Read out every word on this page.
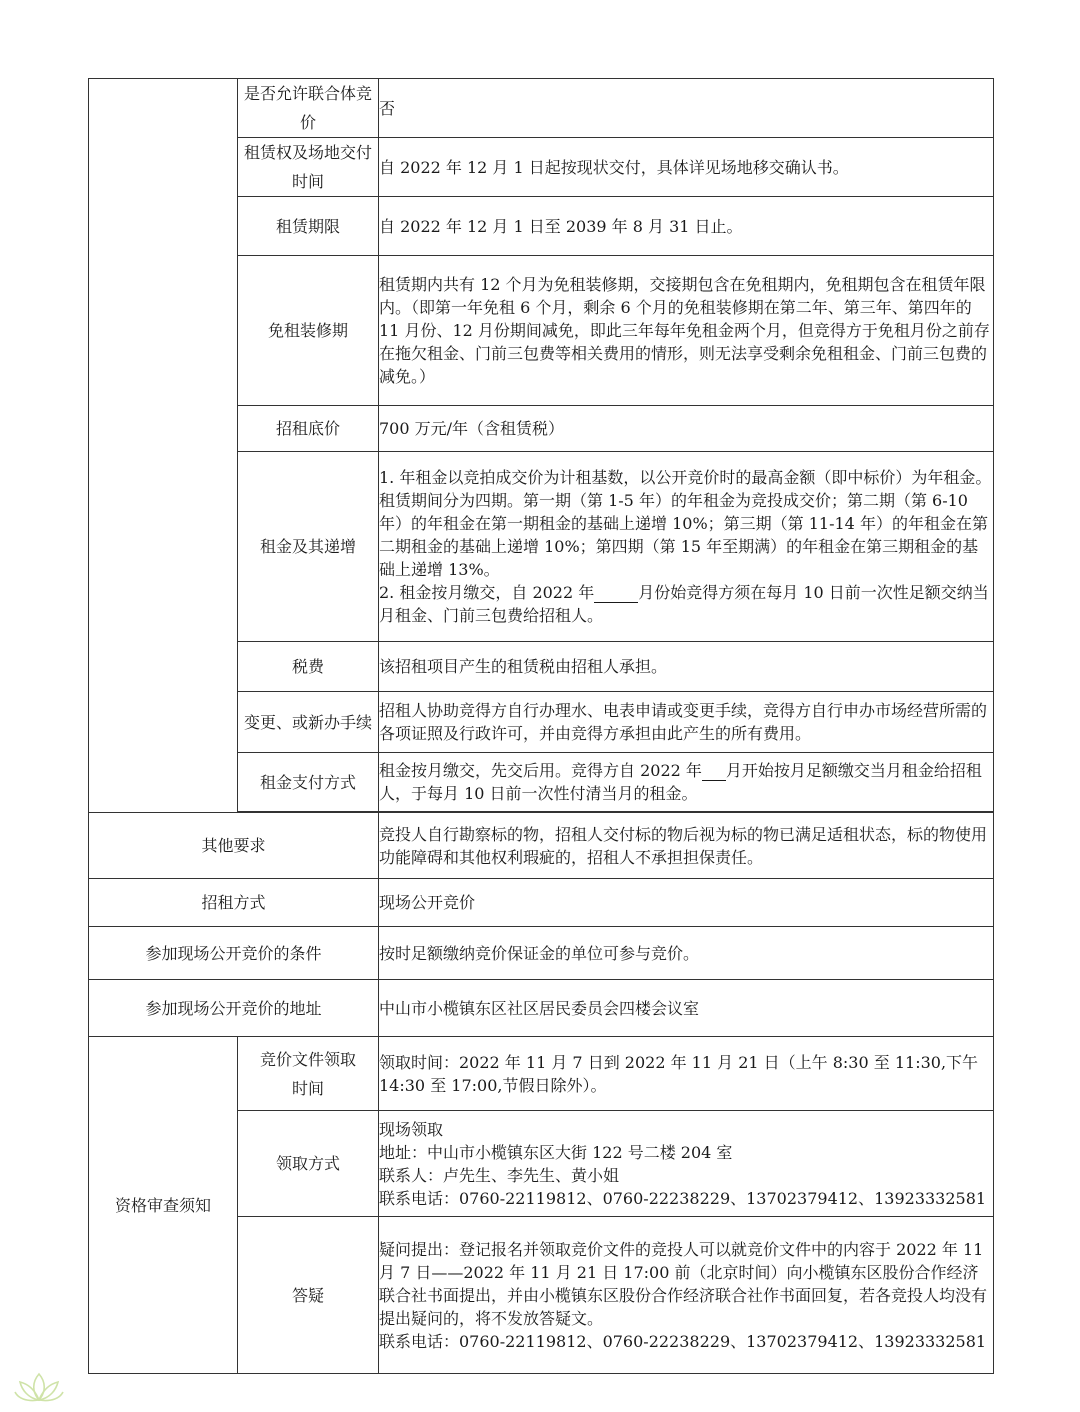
	是否允许联合体竞价	否
	租赁权及场地交付时间	自 2022 年 12 月 1 日起按现状交付，具体详见场地移交确认书。
	租赁期限	自 2022 年 12 月 1 日至 2039 年 8 月 31 日止。
	免租装修期	租赁期内共有 12 个月为免租装修期，交接期包含在免租期内，免租期包含在租赁年限内。（即第一年免租 6 个月，剩余 6 个月的免租装修期在第二年、第三年、第四年的 11 月份、12 月份期间减免，即此三年每年免租金两个月，但竞得方于免租月份之前存在拖欠租金、门前三包费等相关费用的情形，则无法享受剩余免租租金、门前三包费的减免。）
	招租底价	700 万元/年（含租赁税）
	租金及其递增	1. 年租金以竞拍成交价为计租基数，以公开竞价时的最高金额（即中标价）为年租金。租赁期间分为四期。第一期（第 1-5 年）的年租金为竞投成交价；第二期（第 6-10 年）的年租金在第一期租金的基础上递增 10%；第三期（第 11-14 年）的年租金在第二期租金的基础上递增 10%；第四期（第 15 年至期满）的年租金在第三期租金的基础上递增 13%。
2. 租金按月缴交，自 2022 年 月份始竞得方须在每月 10 日前一次性足额交纳当月租金、门前三包费给招租人。

	税费	该招租项目产生的租赁税由招租人承担。
	变更、或新办手续	招租人协助竞得方自行办理水、电表申请或变更手续，竞得方自行申办市场经营所需的各项证照及行政许可，并由竞得方承担由此产生的所有费用。
	租金支付方式	租金按月缴交，先交后用。竞得方自 2022 年 月开始按月足额缴交当月租金给招租人，于每月 10 日前一次性付清当月的租金。

其他要求		竞投人自行勘察标的物，招租人交付标的物后视为标的物已满足适租状态，标的物使用功能障碍和其他权利瑕疵的，招租人不承担担保责任。
招租方式		现场公开竞价
参加现场公开竞价的条件		按时足额缴纳竞价保证金的单位可参与竞价。
参加现场公开竞价的地址		中山市小榄镇东区社区居民委员会四楼会议室
资格审查须知	竞价文件领取时间	领取时间：2022 年 11 月 7 日到 2022 年 11 月 21 日（上午 8:30 至 11:30,下午 14:30 至 17:00,节假日除外）。
	领取方式	现场领取
地址：中山市小榄镇东区大街 122 号二楼 204 室
联系人：卢先生、李先生、黄小姐
联系电话：0760-22119812、0760-22238229、13702379412、13923332581

	答疑	疑问提出：登记报名并领取竞价文件的竞投人可以就竞价文件中的内容于 2022 年 11 月 7 日——2022 年 11 月 21 日 17:00 前（北京时间）向小榄镇东区股份合作经济联合社书面提出，并由小榄镇东区股份合作经济联合社作书面回复，若各竞投人均没有提出疑问的，将不发放答疑文。
联系电话：0760-22119812、0760-22238229、13702379412、13923332581
